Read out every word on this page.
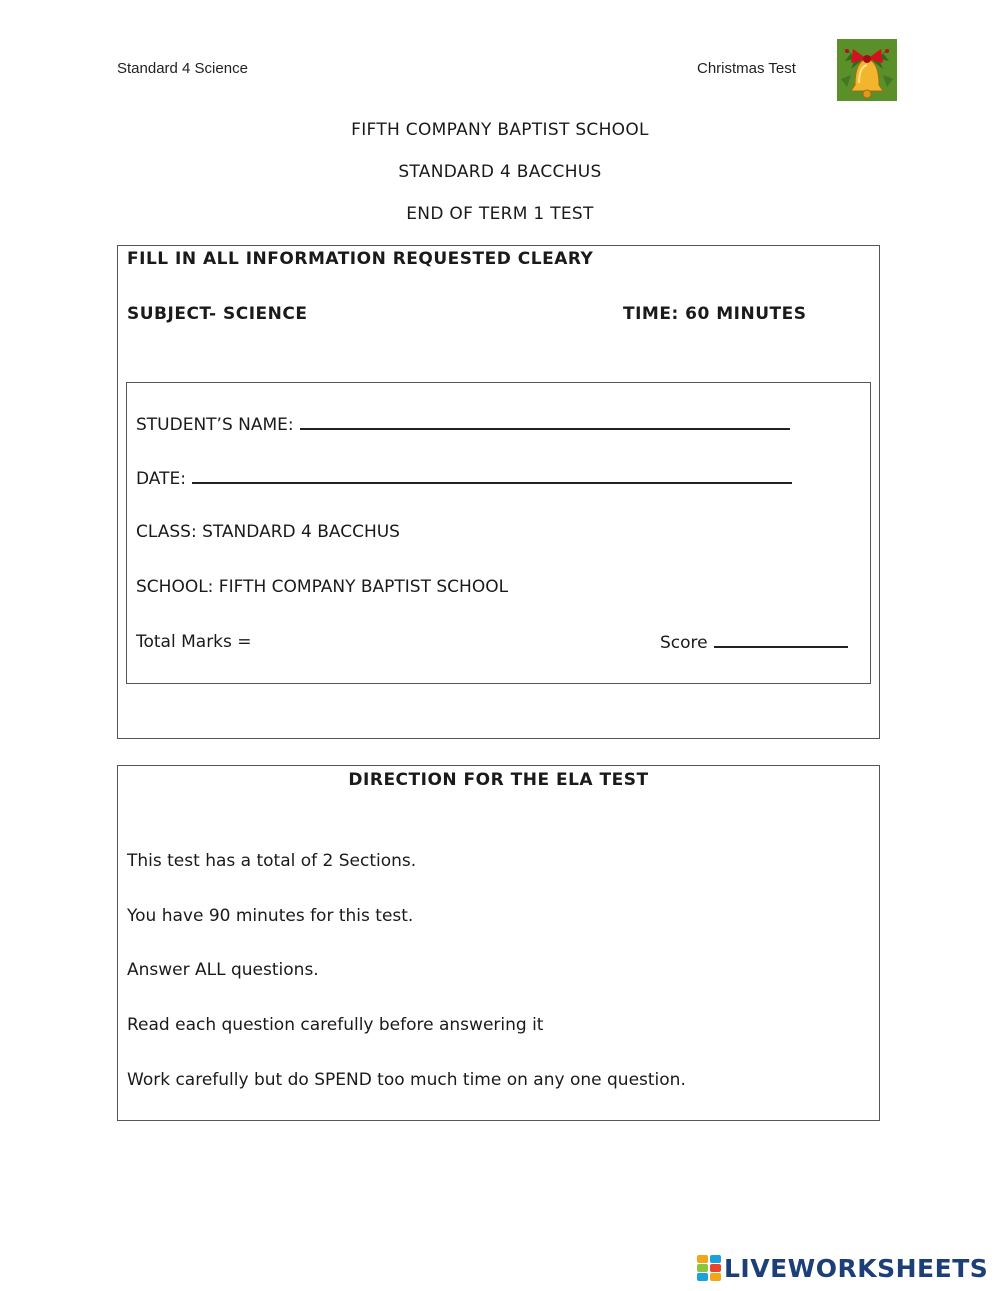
Standard 4 Science	Christmas Test
FIFTH COMPANY BAPTIST SCHOOL
STANDARD 4 BACCHUS
END OF TERM 1 TEST
FILL IN ALL INFORMATION REQUESTED CLEARY
SUBJECT- SCIENCE	TIME: 60 MINUTES
STUDENT’S NAME:
DATE:
CLASS: STANDARD 4 BACCHUS
SCHOOL: FIFTH COMPANY BAPTIST SCHOOL
Total Marks =	Score
DIRECTION FOR THE ELA TEST
This test has a total of 2 Sections.
You have 90 minutes for this test.
Answer ALL questions.
Read each question carefully before answering it
Work carefully but do SPEND too much time on any one question.
LIVEWORKSHEETS
